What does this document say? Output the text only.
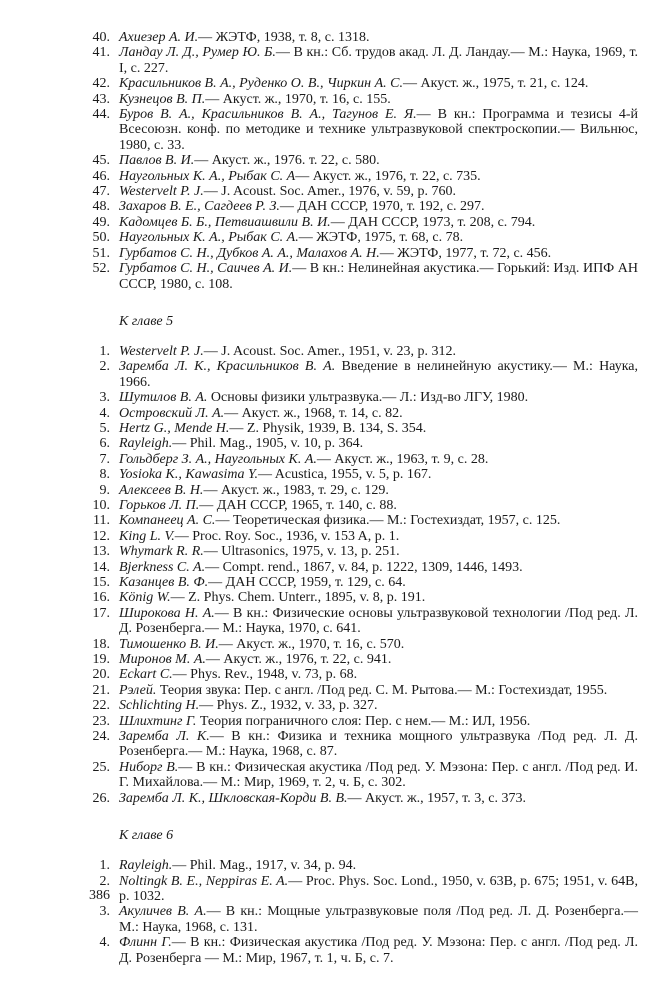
40. Ахиезер А. И.— ЖЭТФ, 1938, т. 8, с. 1318.
41. Ландау Л. Д., Румер Ю. Б.— В кн.: Сб. трудов акад. Л. Д. Ландау.— М.: Наука, 1969, т. I, с. 227.
42. Красильников В. А., Руденко О. В., Чиркин А. С.— Акуст. ж., 1975, т. 21, с. 124.
43. Кузнецов В. П.— Акуст. ж., 1970, т. 16, с. 155.
44. Буров В. А., Красильников В. А., Тагунов Е. Я.— В кн.: Программа и тезисы 4-й Всесоюзн. конф. по методике и технике ультразвуковой спектроскопии.— Вильнюс, 1980, с. 33.
45. Павлов В. И.— Акуст. ж., 1976. т. 22, с. 580.
46. Наугольных К. А., Рыбак С. А— Акуст. ж., 1976, т. 22, с. 735.
47. Westervelt P. J.— J. Acoust. Soc. Amer., 1976, v. 59, p. 760.
48. Захаров В. Е., Сагдеев Р. З.— ДАН СССР, 1970, т. 192, с. 297.
49. Кадомцев Б. Б., Петвиашвили В. И.— ДАН СССР, 1973, т. 208, с. 794.
50. Наугольных К. А., Рыбак С. А.— ЖЭТФ, 1975, т. 68, с. 78.
51. Гурбатов С. Н., Дубков А. А., Малахов А. Н.— ЖЭТФ, 1977, т. 72, с. 456.
52. Гурбатов С. Н., Саичев А. И.— В кн.: Нелинейная акустика.— Горький: Изд. ИПФ АН СССР, 1980, с. 108.
К главе 5
1. Westervelt P. J.— J. Acoust. Soc. Amer., 1951, v. 23, p. 312.
2. Заремба Л. К., Красильников В. А. Введение в нелинейную акустику.— М.: Наука, 1966.
3. Шутилов В. А. Основы физики ультразвука.— Л.: Изд-во ЛГУ, 1980.
4. Островский Л. А.— Акуст. ж., 1968, т. 14, с. 82.
5. Hertz G., Mende H.— Z. Physik, 1939, В. 134, S. 354.
6. Rayleigh.— Phil. Mag., 1905, v. 10, p. 364.
7. Гольдберг З. А., Наугольных К. А.— Акуст. ж., 1963, т. 9, с. 28.
8. Yosioka K., Kawasima Y.— Acustica, 1955, v. 5, p. 167.
9. Алексеев В. Н.— Акуст. ж., 1983, т. 29, с. 129.
10. Горьков Л. П.— ДАН СССР, 1965, т. 140, с. 88.
11. Компанеец А. С.— Теоретическая физика.— М.: Гостехиздат, 1957, с. 125.
12. King L. V.— Proc. Roy. Soc., 1936, v. 153 A, p. 1.
13. Whymark R. R.— Ultrasonics, 1975, v. 13, p. 251.
14. Bjerkness C. A.— Compt. rend., 1867, v. 84, p. 1222, 1309, 1446, 1493.
15. Казанцев В. Ф.— ДАН СССР, 1959, т. 129, с. 64.
16. König W.— Z. Phys. Chem. Unterr., 1895, v. 8, p. 191.
17. Широкова Н. А.— В кн.: Физические основы ультразвуковой технологии /Под ред. Л. Д. Розенберга.— М.: Наука, 1970, с. 641.
18. Тимошенко В. И.— Акуст. ж., 1970, т. 16, с. 570.
19. Миронов М. А.— Акуст. ж., 1976, т. 22, с. 941.
20. Eckart C.— Phys. Rev., 1948, v. 73, p. 68.
21. Рэлей. Теория звука: Пер. с англ. /Под ред. С. М. Рытова.— М.: Гостехиздат, 1955.
22. Schlichting H.— Phys. Z., 1932, v. 33, p. 327.
23. Шлихтинг Г. Теория пограничного слоя: Пер. с нем.— М.: ИЛ, 1956.
24. Заремба Л. К.— В кн.: Физика и техника мощного ультразвука /Под ред. Л. Д. Розенберга.— М.: Наука, 1968, с. 87.
25. Ниборг В.— В кн.: Физическая акустика /Под ред. У. Мэзона: Пер. с англ. /Под ред. И. Г. Михайлова.— М.: Мир, 1969, т. 2, ч. Б, с. 302.
26. Заремба Л. К., Шкловская-Корди В. В.— Акуст. ж., 1957, т. 3, с. 373.
К главе 6
1. Rayleigh.— Phil. Mag., 1917, v. 34, p. 94.
2. Noltingk B. E., Neppiras E. A.— Proc. Phys. Soc. Lond., 1950, v. 63B, p. 675; 1951, v. 64B, p. 1032.
3. Акуличев В. А.— В кн.: Мощные ультразвуковые поля /Под ред. Л. Д. Розенберга.— М.: Наука, 1968, с. 131.
4. Флинн Г.— В кн.: Физическая акустика /Под ред. У. Мэзона: Пер. с англ. /Под ред. Л. Д. Розенберга — М.: Мир, 1967, т. 1, ч. Б, с. 7.
386
